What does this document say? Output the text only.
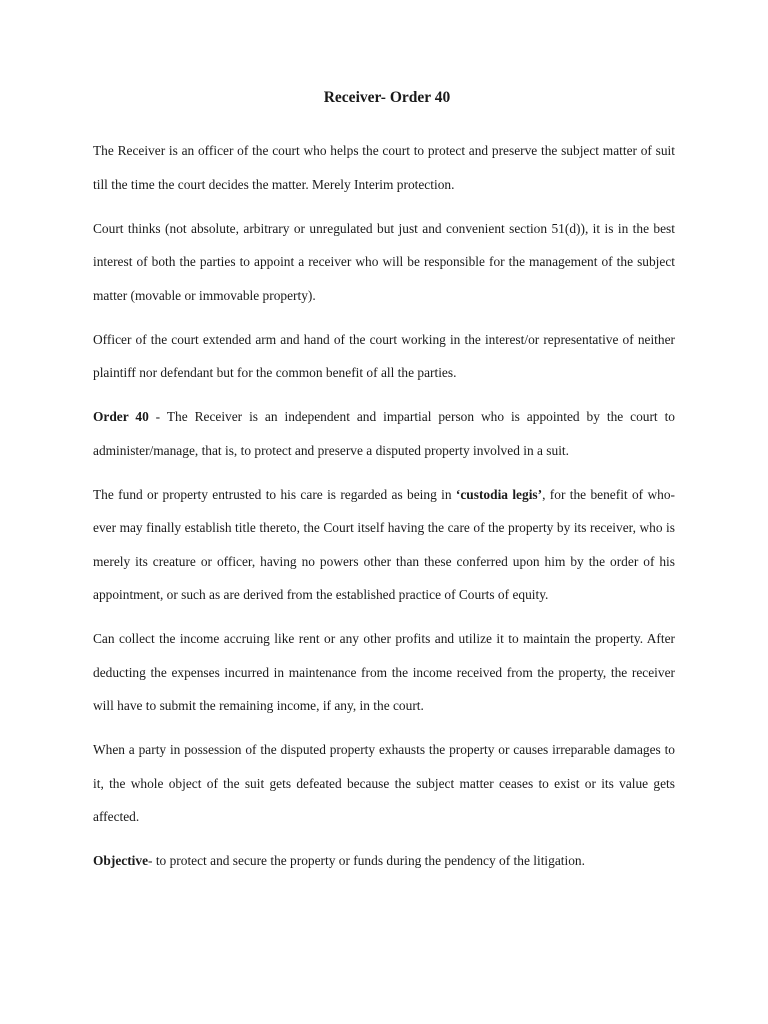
Receiver- Order 40

The Receiver is an officer of the court who helps the court to protect and preserve the subject matter of suit till the time the court decides the matter. Merely Interim protection.

Court thinks (not absolute, arbitrary or unregulated but just and convenient section 51(d)), it is in the best interest of both the parties to appoint a receiver who will be responsible for the management of the subject matter (movable or immovable property).

Officer of the court extended arm and hand of the court working in the interest/or representative of neither plaintiff nor defendant but for the common benefit of all the parties.

Order 40 - The Receiver is an independent and impartial person who is appointed by the court to administer/manage, that is, to protect and preserve a disputed property involved in a suit.

The fund or property entrusted to his care is regarded as being in ‘custodia legis’, for the benefit of who-ever may finally establish title thereto, the Court itself having the care of the property by its receiver, who is merely its creature or officer, having no powers other than these conferred upon him by the order of his appointment, or such as are derived from the established practice of Courts of equity.

Can collect the income accruing like rent or any other profits and utilize it to maintain the property. After deducting the expenses incurred in maintenance from the income received from the property, the receiver will have to submit the remaining income, if any, in the court.

When a party in possession of the disputed property exhausts the property or causes irreparable damages to it, the whole object of the suit gets defeated because the subject matter ceases to exist or its value gets affected.

Objective- to protect and secure the property or funds during the pendency of the litigation.
